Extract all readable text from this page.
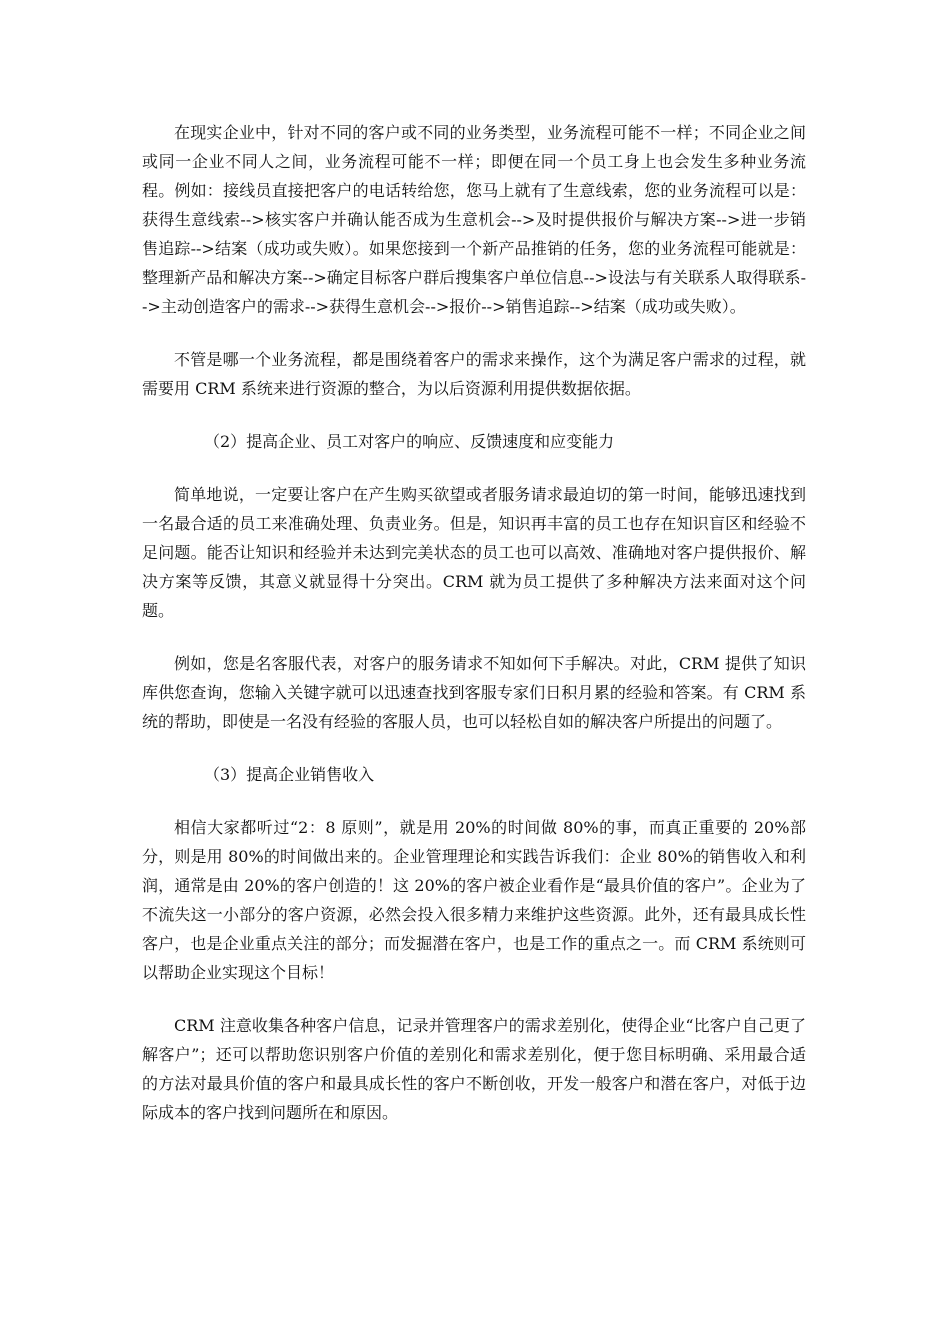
在现实企业中，针对不同的客户或不同的业务类型，业务流程可能不一样；不同企业之间或同一企业不同人之间，业务流程可能不一样；即便在同一个员工身上也会发生多种业务流程。例如：接线员直接把客户的电话转给您，您马上就有了生意线索，您的业务流程可以是：获得生意线索-->核实客户并确认能否成为生意机会-->及时提供报价与解决方案-->进一步销售追踪-->结案（成功或失败）。如果您接到一个新产品推销的任务，您的业务流程可能就是：整理新产品和解决方案-->确定目标客户群后搜集客户单位信息-->设法与有关联系人取得联系-->主动创造客户的需求-->获得生意机会-->报价-->销售追踪-->结案（成功或失败）。

不管是哪一个业务流程，都是围绕着客户的需求来操作，这个为满足客户需求的过程，就需要用 CRM 系统来进行资源的整合，为以后资源利用提供数据依据。

（2）提高企业、员工对客户的响应、反馈速度和应变能力

简单地说，一定要让客户在产生购买欲望或者服务请求最迫切的第一时间，能够迅速找到一名最合适的员工来准确处理、负责业务。但是，知识再丰富的员工也存在知识盲区和经验不足问题。能否让知识和经验并未达到完美状态的员工也可以高效、准确地对客户提供报价、解决方案等反馈，其意义就显得十分突出。CRM 就为员工提供了多种解决方法来面对这个问题。

例如，您是名客服代表，对客户的服务请求不知如何下手解决。对此，CRM 提供了知识库供您查询，您输入关键字就可以迅速查找到客服专家们日积月累的经验和答案。有 CRM 系统的帮助，即使是一名没有经验的客服人员，也可以轻松自如的解决客户所提出的问题了。

（3）提高企业销售收入

相信大家都听过“2：8 原则”，就是用 20%的时间做 80%的事，而真正重要的 20%部分，则是用 80%的时间做出来的。企业管理理论和实践告诉我们：企业 80%的销售收入和利润，通常是由 20%的客户创造的！这 20%的客户被企业看作是“最具价值的客户”。企业为了不流失这一小部分的客户资源，必然会投入很多精力来维护这些资源。此外，还有最具成长性客户，也是企业重点关注的部分；而发掘潜在客户，也是工作的重点之一。而 CRM 系统则可以帮助企业实现这个目标！

CRM 注意收集各种客户信息，记录并管理客户的需求差别化，使得企业“比客户自己更了解客户”；还可以帮助您识别客户价值的差别化和需求差别化，便于您目标明确、采用最合适的方法对最具价值的客户和最具成长性的客户不断创收，开发一般客户和潜在客户，对低于边际成本的客户找到问题所在和原因。
